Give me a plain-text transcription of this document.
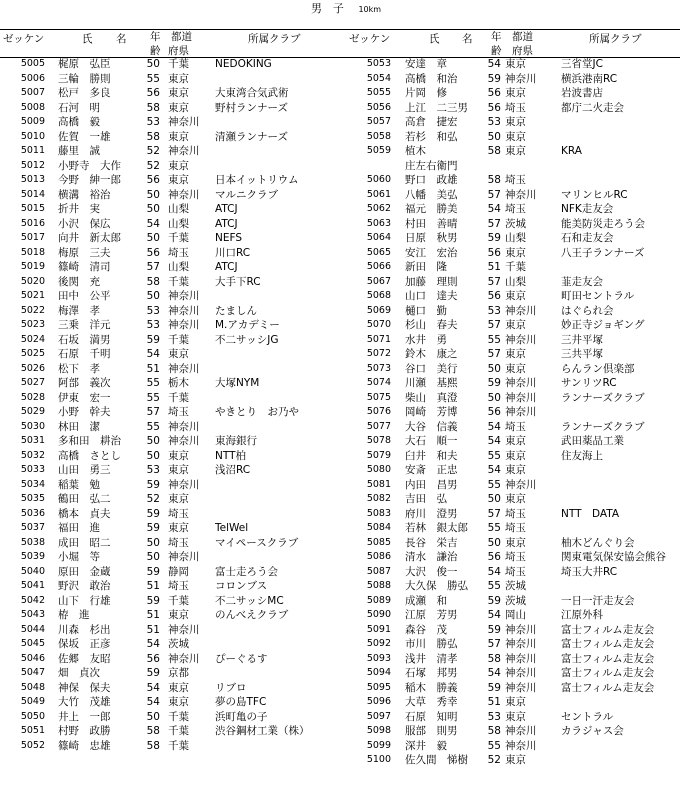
男　子　 10km
ゼッケン	氏 名 年
齢
都道
府県
所属クラブ
5005 梶原　弘臣	50 千葉 NEDOKING
5006 三輪　勝則	55 東京
5007 松戸　多良	56 東京 大東湾合気武術
5008 石河　明	58 東京 野村ランナーズ
5009 高橋　毅	53 神奈川
5010 佐賀　一雄	58 東京 清瀬ランナーズ
5011 藤里　誠	52 神奈川
5012 小野寺　大作 52 東京
5013 今野　紳一郎 56 東京 日本イットリウム
5014 横溝　裕治	50 神奈川 マルニクラブ
5015 折井　実	50 山梨 ATCJ
5016 小沢　保広	54 山梨 ATCJ
5017 向井　新太郎 50 千葉 NEFS
5018 梅原　三夫	56 埼玉 川口RC
5019 篠崎　清司	57 山梨 ATCJ
5020 後関　充	58 千葉 大手下RC
5021 田中　公平	50 神奈川
5022 梅澤　孝	53 神奈川 たましん
5023 三乗　洋元	53 神奈川 M.アカデミー
5024 石坂　満男	59 千葉 不二サッシJG
5025 石原　千明	54 東京
5026 松下　孝	51 神奈川
5027 阿部　義次	55 栃木 大塚NYM
5028 伊東　宏一	55 千葉
5029 小野　幹夫	57 埼玉 やきとり　お乃や
5030 林田　潔	55 神奈川
5031 多和田　耕治 50 神奈川 東海銀行
5032 高橋　さとし 50 東京 NTT柏
5033 山田　勇三	53 東京 浅沼RC
5034 稲葉　勉	59 神奈川
5035 鶴田　弘二	52 東京
5036 橋本　貞夫	59 埼玉
5037 福田　進	59 東京 TelWel
5038 成田　昭二	50 埼玉 マイペースクラブ
5039 小堀　等	50 神奈川
5040 原田　金蔵	59 静岡 富士走ろう会
5041 野沢　敢治	51 埼玉 コロンブス
5042 山下　行雄	59 千葉 不二サッシMC
5043 栫　進	51 東京 のんべえクラブ
5044 川森　杉出	51 神奈川
5045 保坂　正彦	54 茨城
5046 佐郷　友昭	56 神奈川 ぴーぐるす
5047 畑　貞次	59 京都
5048 神保　保夫	54 東京 リブロ
5049 大竹　茂雄	54 東京 夢の島TFC
5050 井上　一郎	50 千葉 浜町亀の子
5051 村野　政勝	58 千葉 渋谷鋼材工業（株）
5052 篠崎　忠雄	58 千葉
ゼッケン	氏 名 年
齢
都道
府県
所属クラブ
5053 安達　章	54 東京	三省堂JC
5054 高橋　和治	59 神奈川 横浜港南RC
5055 片岡　修	56 東京	岩波書店
5056 上江　二三男 56 埼玉	都庁二火走会
5057 高倉　捷宏	53 東京
5058 若杉　和弘	50 東京
5059 植木	58 東京	KRA
庄左右衛門
5060 野口　政雄	58 埼玉
5061 八幡　美弘	57 神奈川 マリンヒルRC
5062 福元　勝美	54 埼玉	NFK走友会
5063 村田　善晴	57 茨城	能美防災走ろう会
5064 日原　秋男	59 山梨	石和走友会
5065 安江　宏治	56 東京	八王子ランナーズ
5066 新田　隆	51 千葉
5067 加藤　理則	57 山梨	韮走友会
5068 山口　達夫	56 東京	町田セントラル
5069 樋口　勤	53 神奈川 はぐられ会
5070 杉山　春夫	57 東京	妙正寺ジョギング
5071 水井　勇	55 神奈川 三井平塚
5072 鈴木　康之	57 東京	三共平塚
5073 谷口　美行	50 東京	らんラン倶楽部
5074 川瀬　基熙	59 神奈川 サンリツRC
5075 柴山　真澄	50 神奈川 ランナーズクラブ
5076 岡崎　芳博	56 神奈川
5077 大谷　信義	54 埼玉	ランナーズクラブ
5078 大石　順一	54 東京	武田薬品工業
5079 臼井　和夫	55 東京	住友海上
5080 安斎　正忠	54 東京
5081 内田　昌男	55 神奈川
5082 吉田　弘	50 東京
5083 府川　澄男	57 埼玉	NTT　DATA
5084 若林　銀太郎 55 埼玉
5085 長谷　栄吉	50 東京	柚木どんぐり会
5086 清水　謙治	56 埼玉	関東電気保安協会熊谷
5087 大沢　俊一	54 埼玉	埼玉大井RC
5088 大久保　勝弘 55 茨城
5089 成瀬　和	59 茨城	一日一汗走友会
5090 江原　芳男	54 岡山	江原外科
5091 森谷　茂	59 神奈川 富士フィルム走友会
5092 市川　勝弘	57 神奈川 富士フィルム走友会
5093 浅井　清孝	58 神奈川 富士フィルム走友会
5094 石塚　邦男	54 神奈川 富士フィルム走友会
5095 稲木　勝義	59 神奈川 富士フィルム走友会
5096 大草　秀幸	51 東京
5097 石原　知明	53 東京	セントラル
5098 服部　則男	58 神奈川 カラジャス会
5099 深井　毅	55 神奈川
5100 佐久間　悌樹 52 東京
